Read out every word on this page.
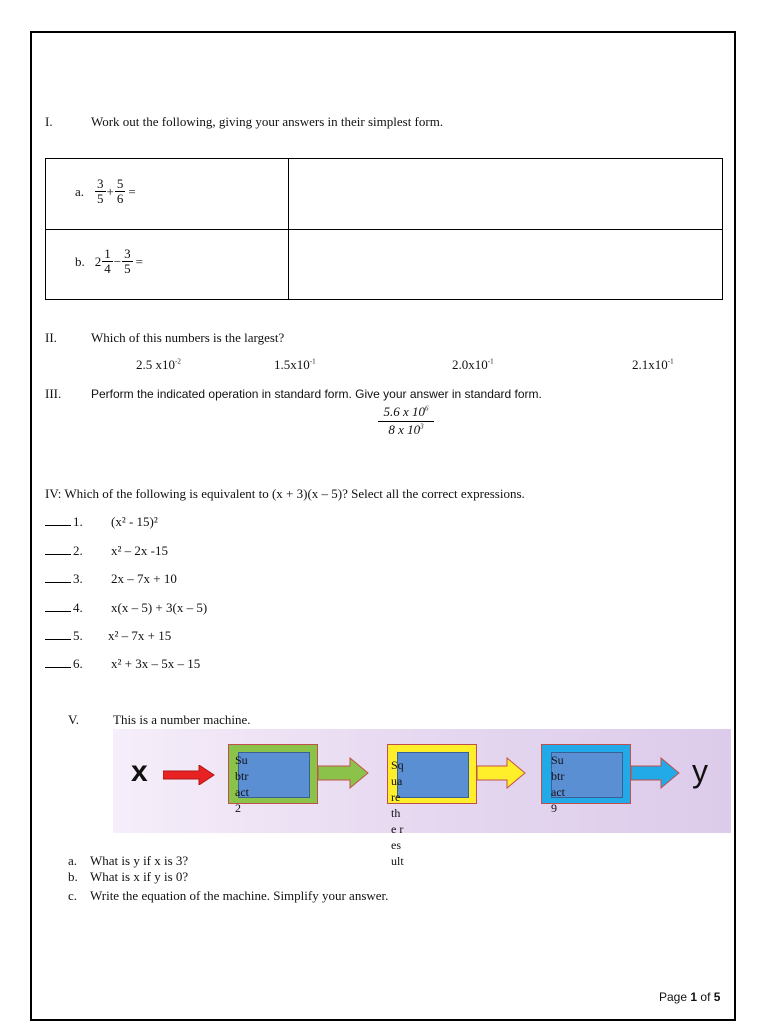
I.	Work out the following, giving your answers in their simplest form.
a. $\frac{3}{5} + \frac{5}{6}$ =
b. $2 \frac{1}{4} - \frac{3}{5}$ =
II.	Which of this numbers is the largest?
2.5 $x10^{-2}$	$1.5x10^{-1}$	$2.0x10^{-1}$	$2.1x10^{-1}$
III. Perform the indicated operation in standard form. Give your answer in standard form.
$\frac{5.6 x 10^6}{8 x 10^3}$
IV: Which of the following is equivalent to (x + 3)(x – 5)? Select all the correct expressions.
1. (x² - 15)²
2. x² – 2x -15
3. 2x – 7x + 10
4. x(x – 5) + 3(x – 5)
5. x² – 7x + 15
6. x² + 3x – 5x – 15
V.	This is a number machine.
x	y
Subtract 2
Square the result
Subtract 9
a. What is y if x is 3?
b. What is x if y is 0?
c. Write the equation of the machine. Simplify your answer.
Page 1 of 5
